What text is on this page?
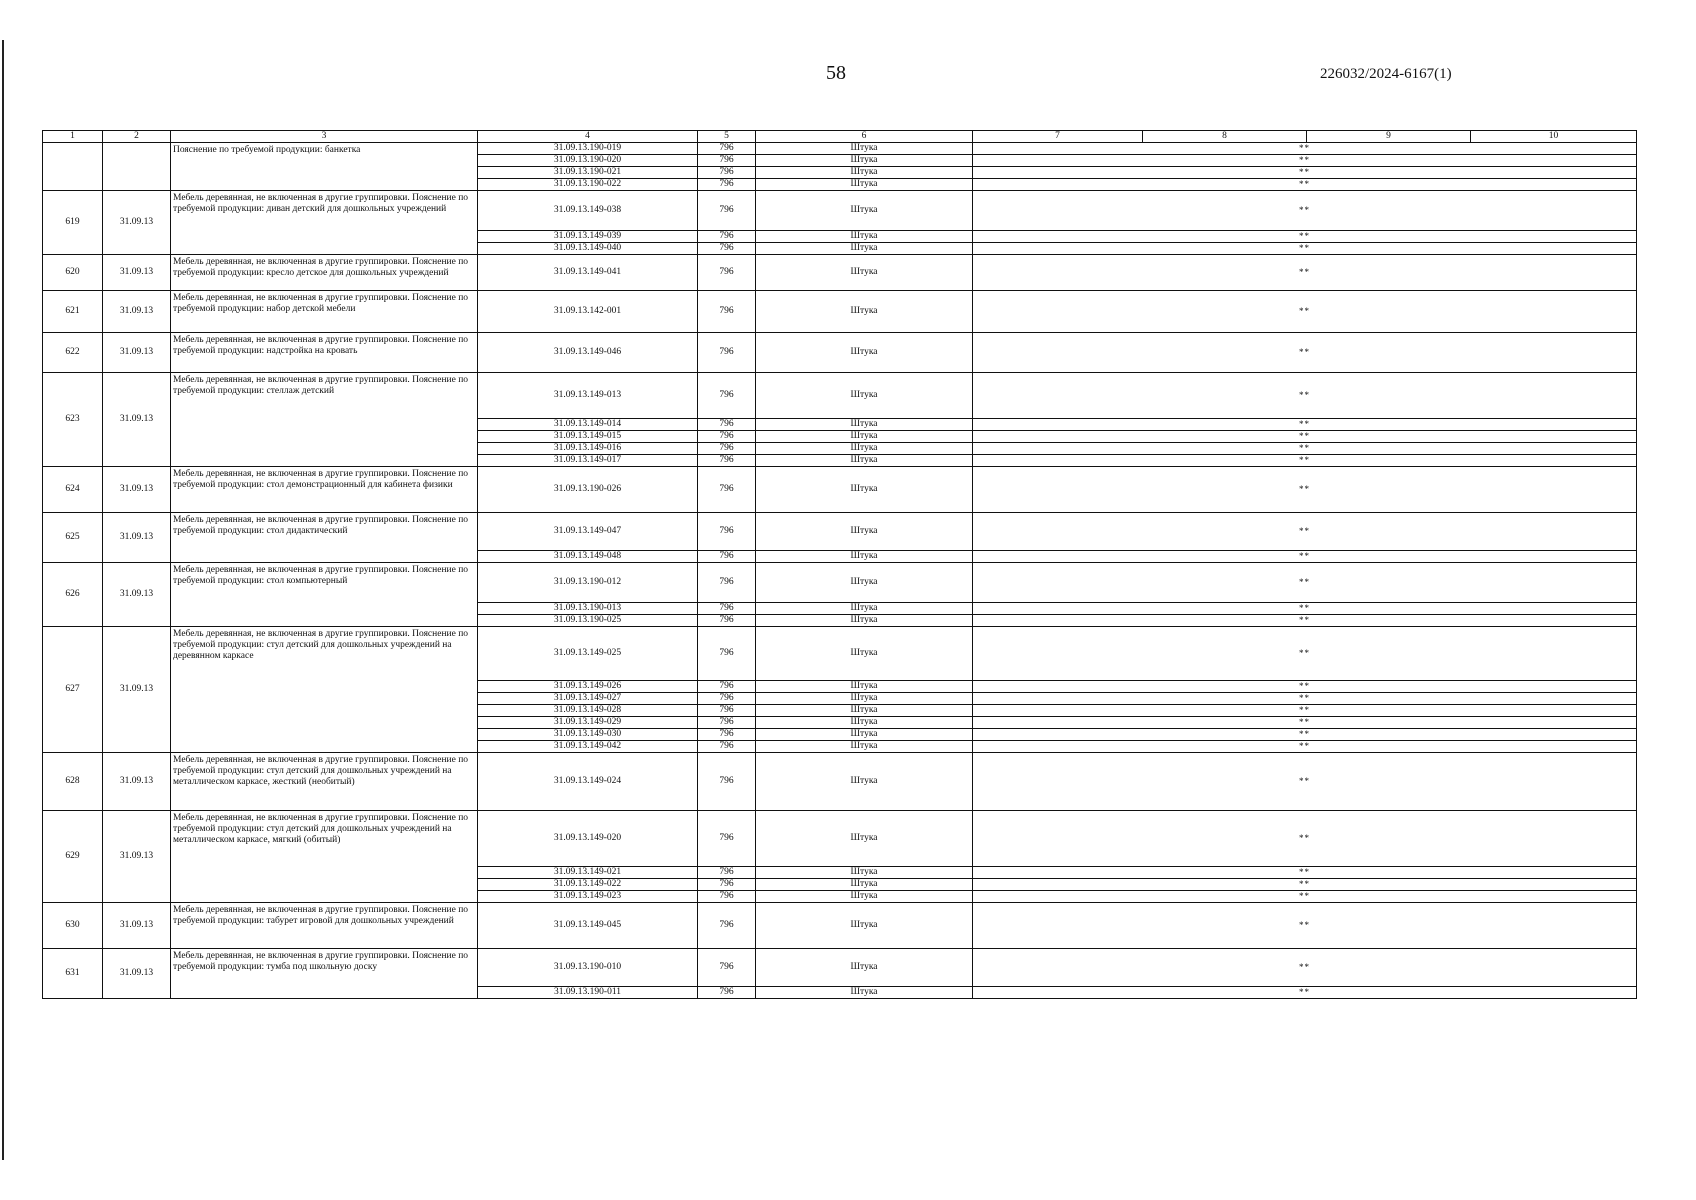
58	226032/2024-6167(1)
1	2	3	4	5	6	7	8	9	10
		Пояснение по требуемой продукции: банкетка	31.09.13.190-019	796	Штука	**			
			31.09.13.190-020	796	Штука	**			
			31.09.13.190-021	796	Штука	**			
			31.09.13.190-022	796	Штука	**			
619	31.09.13	Мебель деревянная, не включенная в другие группировки. Пояснение по требуемой продукции: диван детский для дошкольных учреждений	31.09.13.149-038	796	Штука	**			
			31.09.13.149-039	796	Штука	**			
			31.09.13.149-040	796	Штука	**			
620	31.09.13	Мебель деревянная, не включенная в другие группировки. Пояснение по требуемой продукции: кресло детское для дошкольных учреждений	31.09.13.149-041	796	Штука	**			
621	31.09.13	Мебель деревянная, не включенная в другие группировки. Пояснение по требуемой продукции: набор детской мебели	31.09.13.142-001	796	Штука	**			
622	31.09.13	Мебель деревянная, не включенная в другие группировки. Пояснение по требуемой продукции: надстройка на кровать	31.09.13.149-046	796	Штука	**			
623	31.09.13	Мебель деревянная, не включенная в другие группировки. Пояснение по требуемой продукции: стеллаж детский	31.09.13.149-013	796	Штука	**			
			31.09.13.149-014	796	Штука	**			
			31.09.13.149-015	796	Штука	**			
			31.09.13.149-016	796	Штука	**			
			31.09.13.149-017	796	Штука	**			
624	31.09.13	Мебель деревянная, не включенная в другие группировки. Пояснение по требуемой продукции: стол демонстрационный для кабинета физики	31.09.13.190-026	796	Штука	**			
625	31.09.13	Мебель деревянная, не включенная в другие группировки. Пояснение по требуемой продукции: стол дидактический	31.09.13.149-047	796	Штука	**			
			31.09.13.149-048	796	Штука	**			
626	31.09.13	Мебель деревянная, не включенная в другие группировки. Пояснение по требуемой продукции: стол компьютерный	31.09.13.190-012	796	Штука	**			
			31.09.13.190-013	796	Штука	**			
			31.09.13.190-025	796	Штука	**			
627	31.09.13	Мебель деревянная, не включенная в другие группировки. Пояснение по требуемой продукции: стул детский для дошкольных учреждений на деревянном каркасе	31.09.13.149-025	796	Штука	**			
			31.09.13.149-026	796	Штука	**			
			31.09.13.149-027	796	Штука	**			
			31.09.13.149-028	796	Штука	**			
			31.09.13.149-029	796	Штука	**			
			31.09.13.149-030	796	Штука	**			
			31.09.13.149-042	796	Штука	**			
628	31.09.13	Мебель деревянная, не включенная в другие группировки. Пояснение по требуемой продукции: стул детский для дошкольных учреждений на металлическом каркасе, жесткий (необитый)	31.09.13.149-024	796	Штука	**			
629	31.09.13	Мебель деревянная, не включенная в другие группировки. Пояснение по требуемой продукции: стул детский для дошкольных учреждений на металлическом каркасе, мягкий (обитый)	31.09.13.149-020	796	Штука	**			
			31.09.13.149-021	796	Штука	**			
			31.09.13.149-022	796	Штука	**			
			31.09.13.149-023	796	Штука	**			
630	31.09.13	Мебель деревянная, не включенная в другие группировки. Пояснение по требуемой продукции: табурет игровой для дошкольных учреждений	31.09.13.149-045	796	Штука	**			
631	31.09.13	Мебель деревянная, не включенная в другие группировки. Пояснение по требуемой продукции: тумба под школьную доску	31.09.13.190-010	796	Штука	**			
			31.09.13.190-011	796	Штука	**			
